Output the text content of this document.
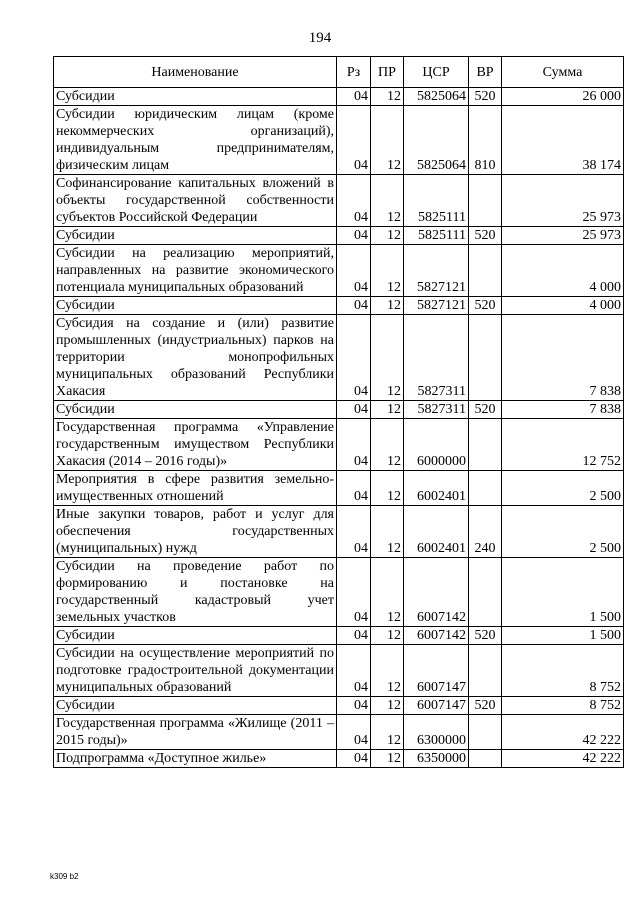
194
Наименование	Рз	ПР	ЦСР	ВР	Сумма
Субсидии	04	12	5825064	520	26 000
Субсидии юридическим лицам (кроме некоммерческих организаций), индивидуальным предпринимателям, физическим лицам	04	12	5825064	810	38 174
Софинансирование капитальных вложений в объекты государственной собственности субъектов Российской Федерации	04	12	5825111		25 973
Субсидии	04	12	5825111	520	25 973
Субсидии на реализацию мероприятий, направленных на развитие экономического потенциала муниципальных образований	04	12	5827121		4 000
Субсидии	04	12	5827121	520	4 000
Субсидия на создание и (или) развитие промышленных (индустриальных) парков на территории монопрофильных муниципальных образований Республики Хакасия	04	12	5827311		7 838
Субсидии	04	12	5827311	520	7 838
Государственная программа «Управление государственным имуществом Республики Хакасия (2014 – 2016 годы)»	04	12	6000000		12 752
Мероприятия в сфере развития земельно-имущественных отношений	04	12	6002401		2 500
Иные закупки товаров, работ и услуг для обеспечения государственных (муниципальных) нужд	04	12	6002401	240	2 500
Субсидии на проведение работ по формированию и постановке на государственный кадастровый учет земельных участков	04	12	6007142		1 500
Субсидии	04	12	6007142	520	1 500
Субсидии на осуществление мероприятий по подготовке градостроительной документации муниципальных образований	04	12	6007147		8 752
Субсидии	04	12	6007147	520	8 752
Государственная программа «Жилище (2011 – 2015 годы)»	04	12	6300000		42 222
Подпрограмма «Доступное жилье»	04	12	6350000		42 222
k309 b2
